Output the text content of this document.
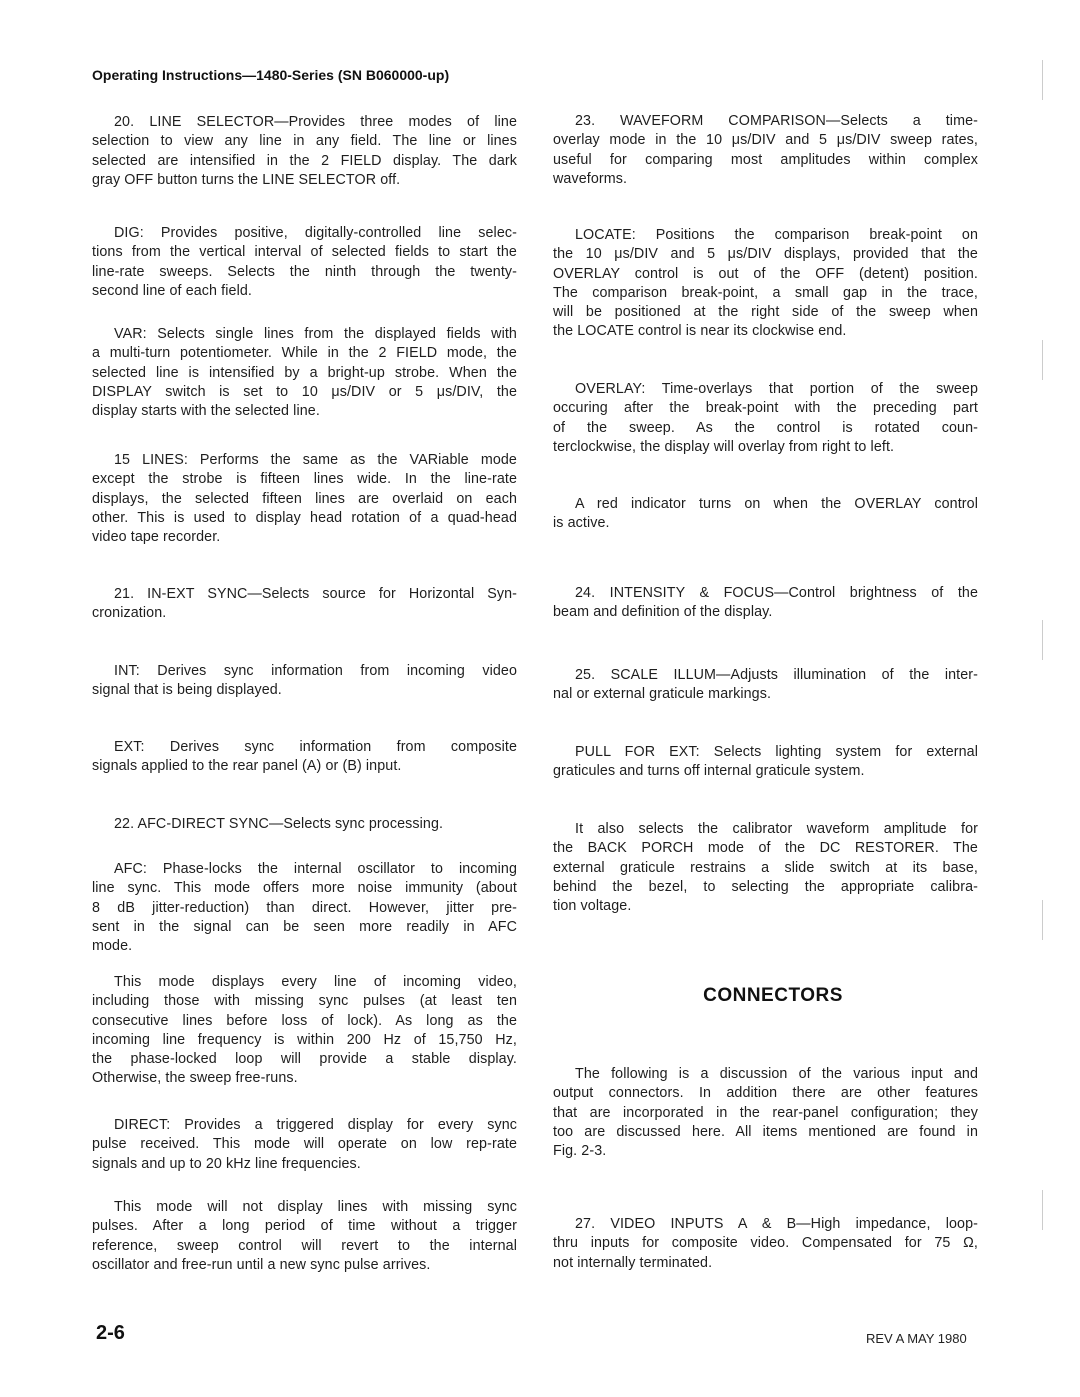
Operating Instructions—1480-Series (SN B060000-up)
20. LINE SELECTOR—Provides three modes of line
selection to view any line in any field. The line or lines
selected are intensified in the 2 FIELD display. The dark
gray OFF button turns the LINE SELECTOR off.
DIG: Provides positive, digitally-controlled line selec-
tions from the vertical interval of selected fields to start the
line-rate sweeps. Selects the ninth through the twenty-
second line of each field.
VAR: Selects single lines from the displayed fields with
a multi-turn potentiometer. While in the 2 FIELD mode, the
selected line is intensified by a bright-up strobe. When the
DISPLAY switch is set to 10 μs/DIV or 5 μs/DIV, the
display starts with the selected line.
15 LINES: Performs the same as the VARiable mode
except the strobe is fifteen lines wide. In the line-rate
displays, the selected fifteen lines are overlaid on each
other. This is used to display head rotation of a quad-head
video tape recorder.
21. IN-EXT SYNC—Selects source for Horizontal Syn-
cronization.
INT: Derives sync information from incoming video
signal that is being displayed.
EXT: Derives sync information from composite
signals applied to the rear panel (A) or (B) input.
22. AFC-DIRECT SYNC—Selects sync processing.
AFC: Phase-locks the internal oscillator to incoming
line sync. This mode offers more noise immunity (about
8 dB jitter-reduction) than direct. However, jitter pre-
sent in the signal can be seen more readily in AFC
mode.
This mode displays every line of incoming video,
including those with missing sync pulses (at least ten
consecutive lines before loss of lock). As long as the
incoming line frequency is within 200 Hz of 15,750 Hz,
the phase-locked loop will provide a stable display.
Otherwise, the sweep free-runs.
DIRECT: Provides a triggered display for every sync
pulse received. This mode will operate on low rep-rate
signals and up to 20 kHz line frequencies.
This mode will not display lines with missing sync
pulses. After a long period of time without a trigger
reference, sweep control will revert to the internal
oscillator and free-run until a new sync pulse arrives.
23. WAVEFORM COMPARISON—Selects a time-
overlay mode in the 10 μs/DIV and 5 μs/DIV sweep rates,
useful for comparing most amplitudes within complex
waveforms.
LOCATE: Positions the comparison break-point on
the 10 μs/DIV and 5 μs/DIV displays, provided that the
OVERLAY control is out of the OFF (detent) position.
The comparison break-point, a small gap in the trace,
will be positioned at the right side of the sweep when
the LOCATE control is near its clockwise end.
OVERLAY: Time-overlays that portion of the sweep
occuring after the break-point with the preceding part
of the sweep. As the control is rotated coun-
terclockwise, the display will overlay from right to left.
A red indicator turns on when the OVERLAY control
is active.
24. INTENSITY & FOCUS—Control brightness of the
beam and definition of the display.
25. SCALE ILLUM—Adjusts illumination of the inter-
nal or external graticule markings.
PULL FOR EXT: Selects lighting system for external
graticules and turns off internal graticule system.
It also selects the calibrator waveform amplitude for
the BACK PORCH mode of the DC RESTORER. The
external graticule restrains a slide switch at its base,
behind the bezel, to selecting the appropriate calibra-
tion voltage.
The following is a discussion of the various input and
output connectors. In addition there are other features
that are incorporated in the rear-panel configuration; they
too are discussed here. All items mentioned are found in
Fig. 2-3.
27. VIDEO INPUTS A & B—High impedance, loop-
thru inputs for composite video. Compensated for 75 Ω,
not internally terminated.
CONNECTORS
2-6	REV A MAY 1980
